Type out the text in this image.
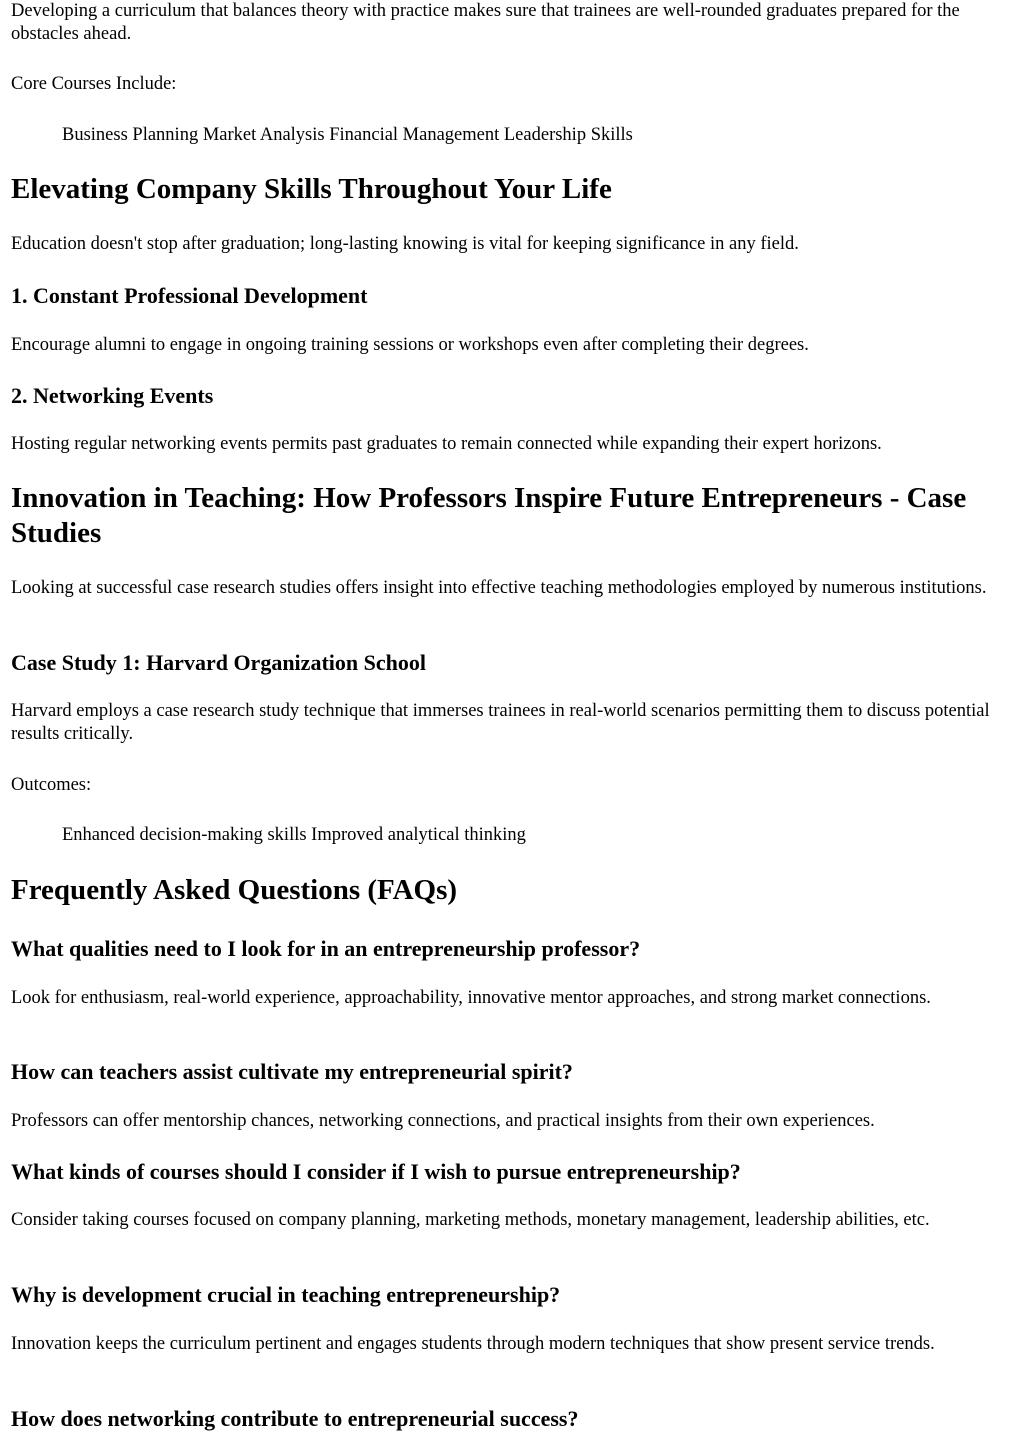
Developing a curriculum that balances theory with practice makes sure that trainees are well-rounded graduates prepared for the obstacles ahead.

Core Courses Include:

Business Planning Market Analysis Financial Management Leadership Skills

Elevating Company Skills Throughout Your Life

Education doesn't stop after graduation; long-lasting knowing is vital for keeping significance in any field.

1. Constant Professional Development

Encourage alumni to engage in ongoing training sessions or workshops even after completing their degrees.

2. Networking Events

Hosting regular networking events permits past graduates to remain connected while expanding their expert horizons.

Innovation in Teaching: How Professors Inspire Future Entrepreneurs - Case Studies

Looking at successful case research studies offers insight into effective teaching methodologies employed by numerous institutions.

Case Study 1: Harvard Organization School

Harvard employs a case research study technique that immerses trainees in real-world scenarios permitting them to discuss potential results critically.

Outcomes:

Enhanced decision-making skills Improved analytical thinking

Frequently Asked Questions (FAQs)
What qualities need to I look for in an entrepreneurship professor?

Look for enthusiasm, real-world experience, approachability, innovative mentor approaches, and strong market connections.

How can teachers assist cultivate my entrepreneurial spirit?

Professors can offer mentorship chances, networking connections, and practical insights from their own experiences.

What kinds of courses should I consider if I wish to pursue entrepreneurship?

Consider taking courses focused on company planning, marketing methods, monetary management, leadership abilities, etc.

Why is development crucial in teaching entrepreneurship?

Innovation keeps the curriculum pertinent and engages students through modern techniques that show present service trends.

How does networking contribute to entrepreneurial success?
